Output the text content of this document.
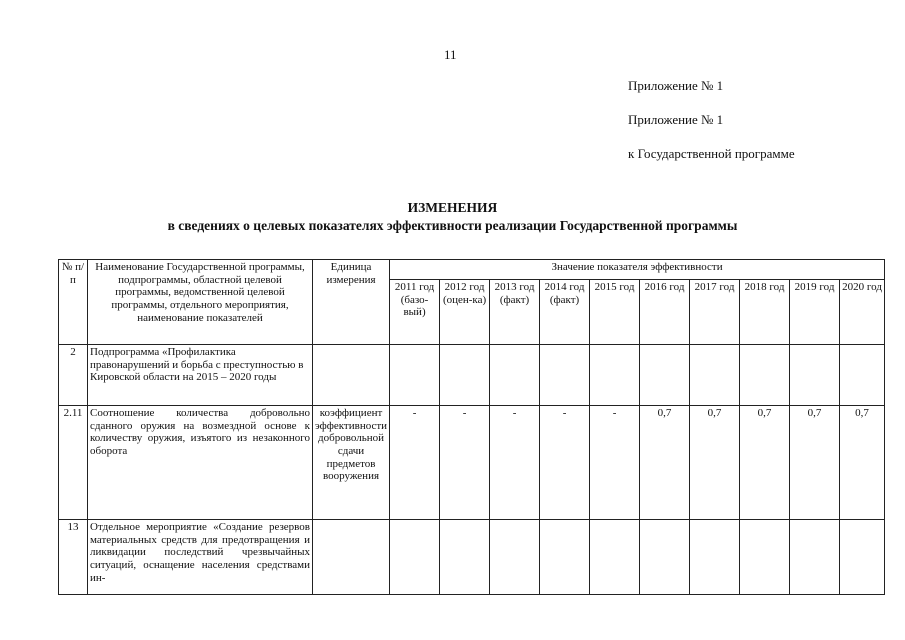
11
Приложение № 1
Приложение № 1
к Государственной программе
ИЗМЕНЕНИЯ
в сведениях о целевых показателях эффективности реализации Государственной программы
№ п/п	Наименование Государственной программы, подпрограммы, областной целевой программы, ведомственной целевой программы, отдельного мероприятия, наименование показателей	Единица измерения	Значение показателя эффективности									
			2011 год (базо-вый)	2012 год (оцен-ка)	2013 год (факт)	2014 год (факт)	2015 год	2016 год	2017 год	2018 год	2019 год	2020 год
2	Подпрограмма «Профилактика правонарушений и борьба с преступностью в Кировской области на 2015 – 2020 годы											
2.11	Соотношение количества добровольно сданного оружия на возмездной основе к количеству оружия, изъятого из незаконного оборота	коэффициент эффективности добровольной сдачи предметов вооружения	-	-	-	-	-	0,7	0,7	0,7	0,7	0,7
13	Отдельное мероприятие «Создание резервов материальных средств для предотвращения и ликвидации последствий чрезвычайных ситуаций, оснащение населения средствами ин-											
